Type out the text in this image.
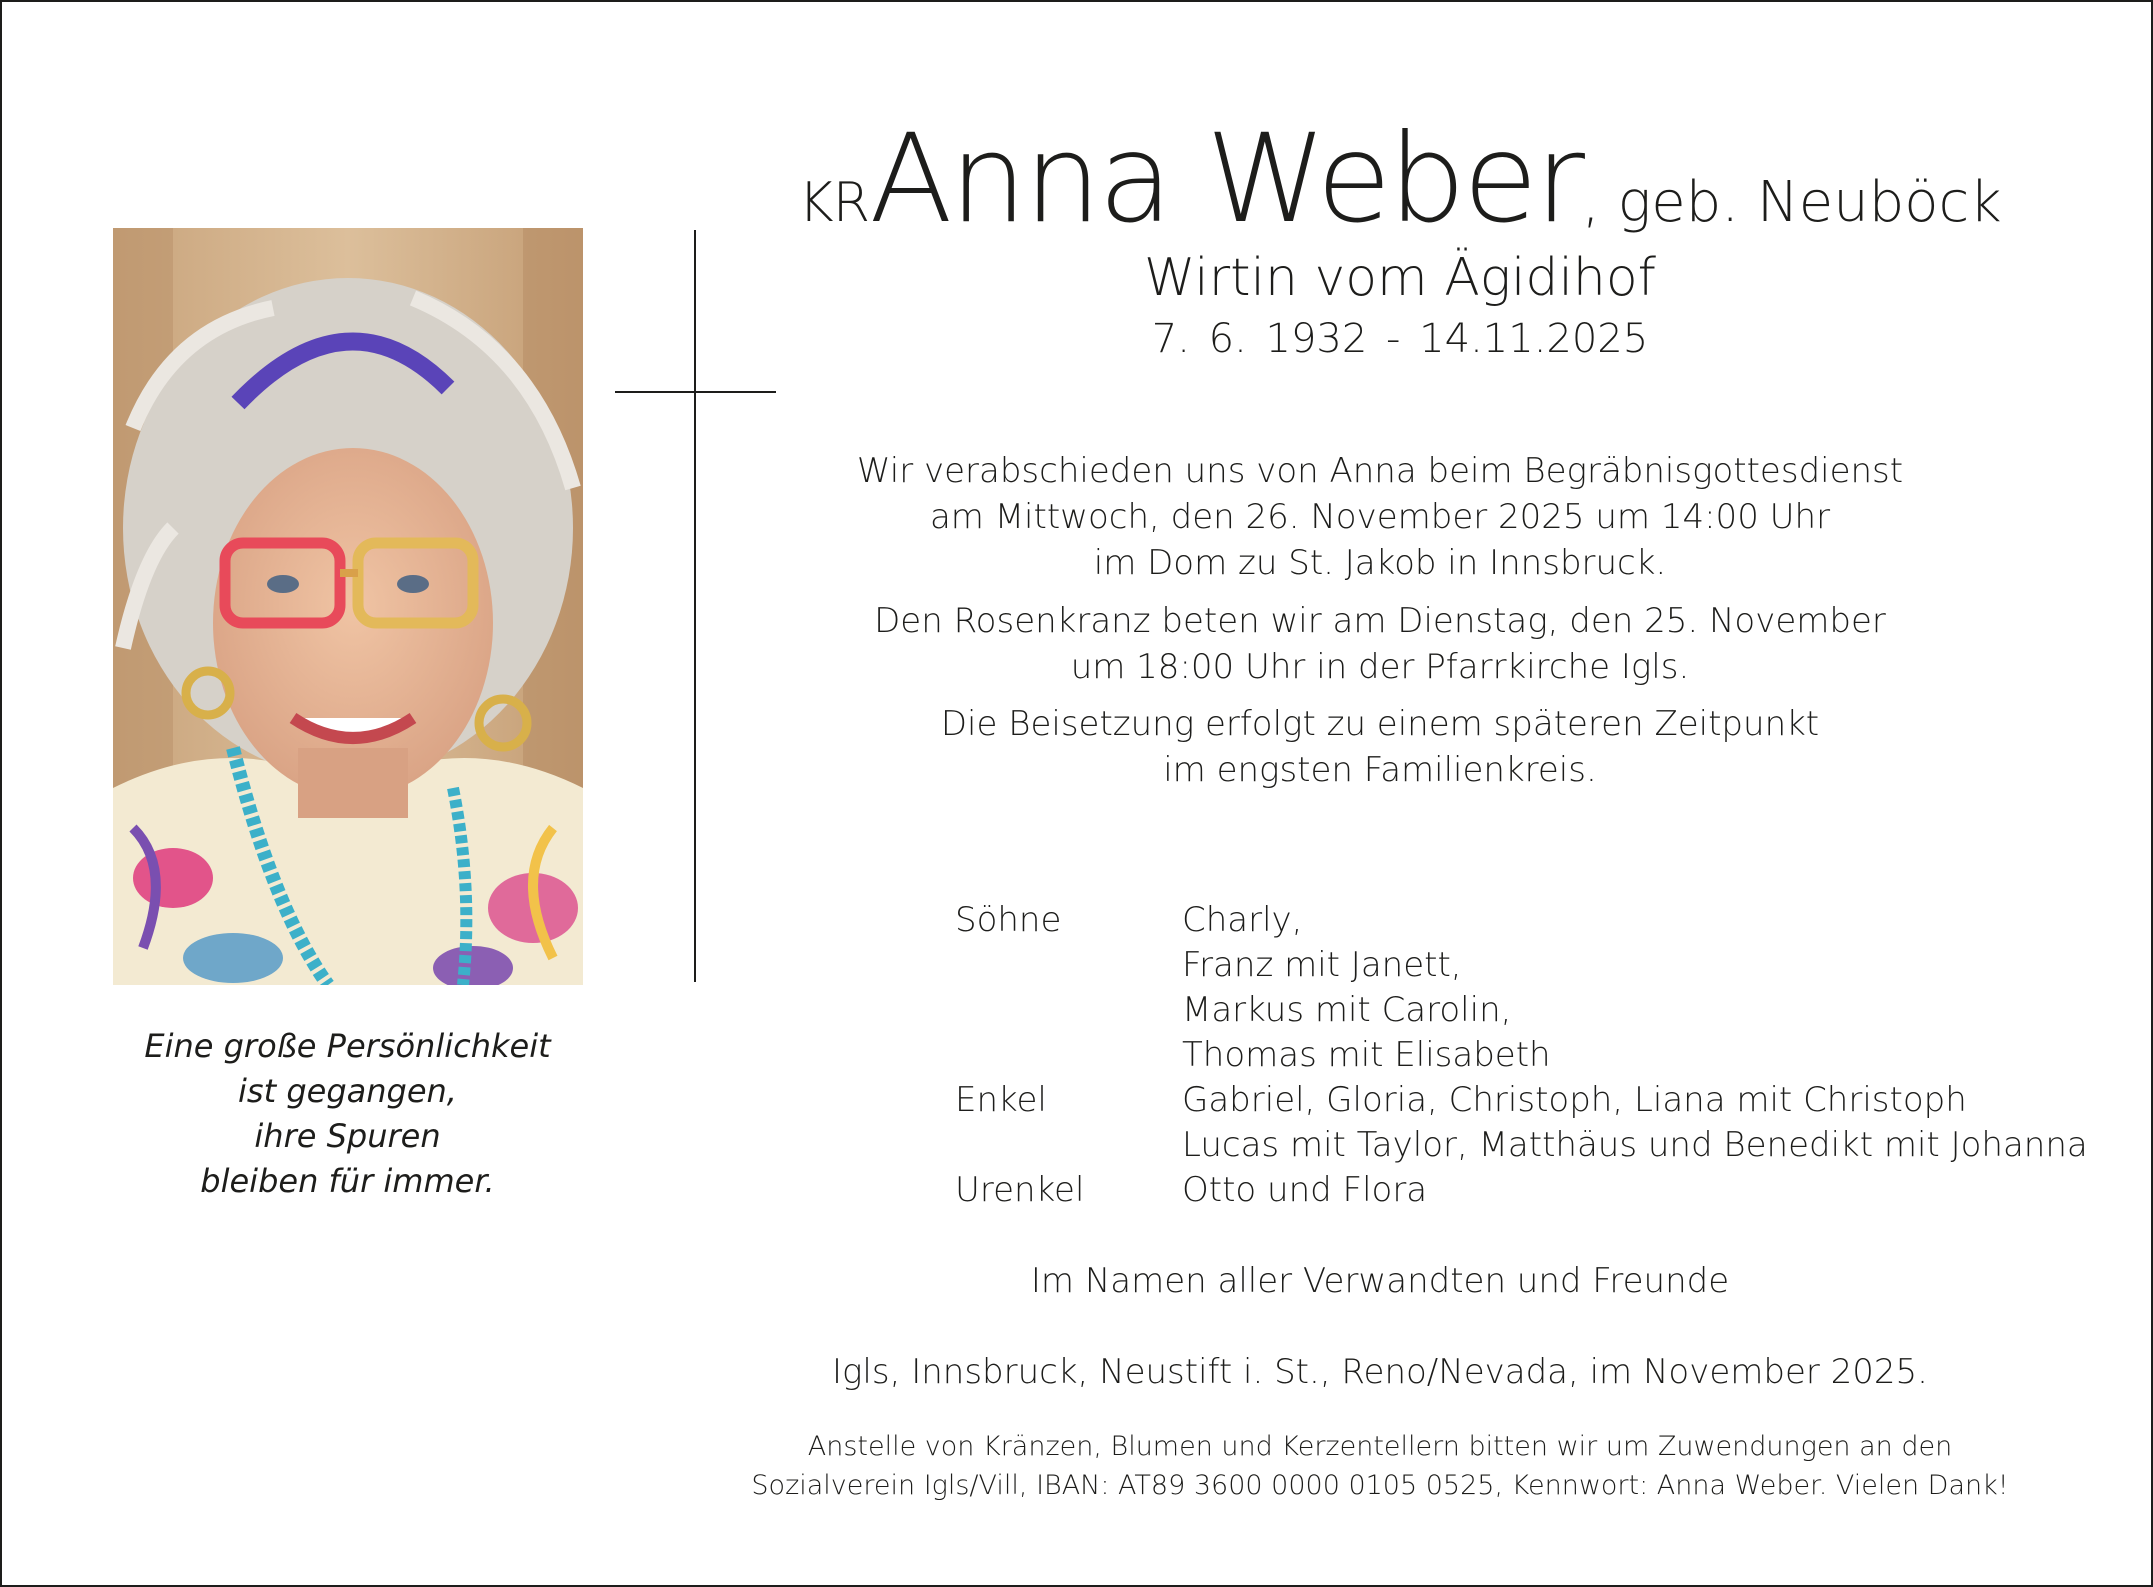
KRAnna Weber, geb. Neuböck
Wirtin vom Ägidihof
7. 6. 1932 - 14.11.2025
Eine große Persönlichkeit
ist gegangen,
ihre Spuren
bleiben für immer.
Wir verabschieden uns von Anna beim Begräbnisgottesdienst
am Mittwoch, den 26. November 2025 um 14:00 Uhr
im Dom zu St. Jakob in Innsbruck.
Den Rosenkranz beten wir am Dienstag, den 25. November
um 18:00 Uhr in der Pfarrkirche Igls.
Die Beisetzung erfolgt zu einem späteren Zeitpunkt
im engsten Familienkreis.
Söhne	Charly,
Franz mit Janett,
Markus mit Carolin,
Thomas mit Elisabeth
Enkel	Gabriel, Gloria, Christoph, Liana mit Christoph
Lucas mit Taylor, Matthäus und Benedikt mit Johanna
Urenkel	Otto und Flora
Im Namen aller Verwandten und Freunde
Igls, Innsbruck, Neustift i. St., Reno/Nevada, im November 2025.
Anstelle von Kränzen, Blumen und Kerzentellern bitten wir um Zuwendungen an den
Sozialverein Igls/Vill, IBAN: AT89 3600 0000 0105 0525, Kennwort: Anna Weber. Vielen Dank!
